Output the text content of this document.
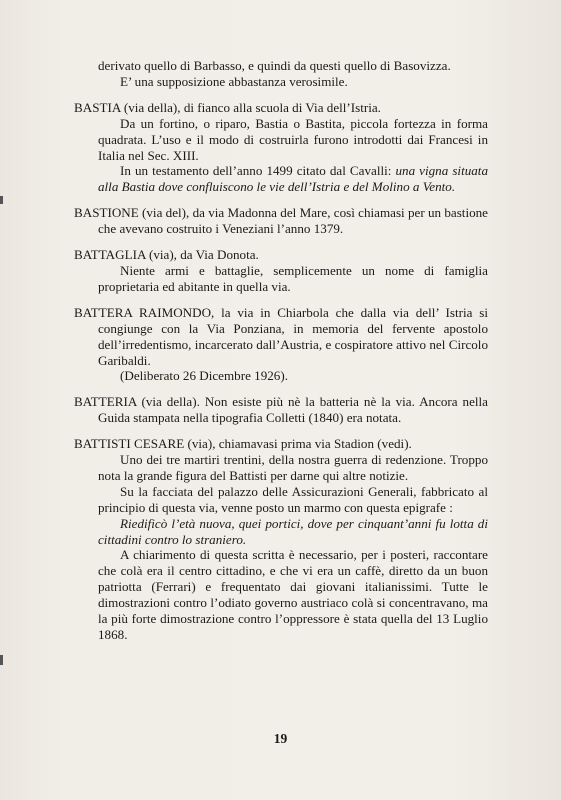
derivato quello di Barbasso, e quindi da questi quello di Basovizza.

E’ una supposizione abbastanza verosimile.

BASTIA (via della), di fianco alla scuola di Via dell’Istria.

Da un fortino, o riparo, Bastia o Bastita, piccola fortezza in forma quadrata. L’uso e il modo di costruirla furono introdotti dai Francesi in Italia nel Sec. XIII.

In un testamento dell’anno 1499 citato dal Cavalli: una vigna situata alla Bastia dove confluiscono le vie dell’Istria e del Molino a Vento.

BASTIONE (via del), da via Madonna del Mare, così chiamasi per un bastione che avevano costruito i Veneziani l’anno 1379.

BATTAGLIA (via), da Via Donota.

Niente armi e battaglie, semplicemente un nome di famiglia proprietaria ed abitante in quella via.

BATTERA RAIMONDO, la via in Chiarbola che dalla via dell’ Istria si congiunge con la Via Ponziana, in memoria del fervente apostolo dell’irredentismo, incarcerato dall’Austria, e cospiratore attivo nel Circolo Garibaldi.

(Deliberato 26 Dicembre 1926).

BATTERIA (via della). Non esiste più nè la batteria nè la via. Ancora nella Guida stampata nella tipografia Colletti (1840) era notata.

BATTISTI CESARE (via), chiamavasi prima via Stadion (vedi).

Uno dei tre martiri trentini, della nostra guerra di redenzione. Troppo nota la grande figura del Battisti per darne qui altre notizie.

Su la facciata del palazzo delle Assicurazioni Generali, fabbricato al principio di questa via, venne posto un marmo con questa epigrafe :

Riedificò l’età nuova, quei portici, dove per cinquant’anni fu lotta di cittadini contro lo straniero.

A chiarimento di questa scritta è necessario, per i posteri, raccontare che colà era il centro cittadino, e che vi era un caffè, diretto da un buon patriotta (Ferrari) e frequentato dai giovani italianissimi. Tutte le dimostrazioni contro l’odiato governo austriaco colà si concentravano, ma la più forte dimostrazione contro l’oppressore è stata quella del 13 Luglio 1868.

19
